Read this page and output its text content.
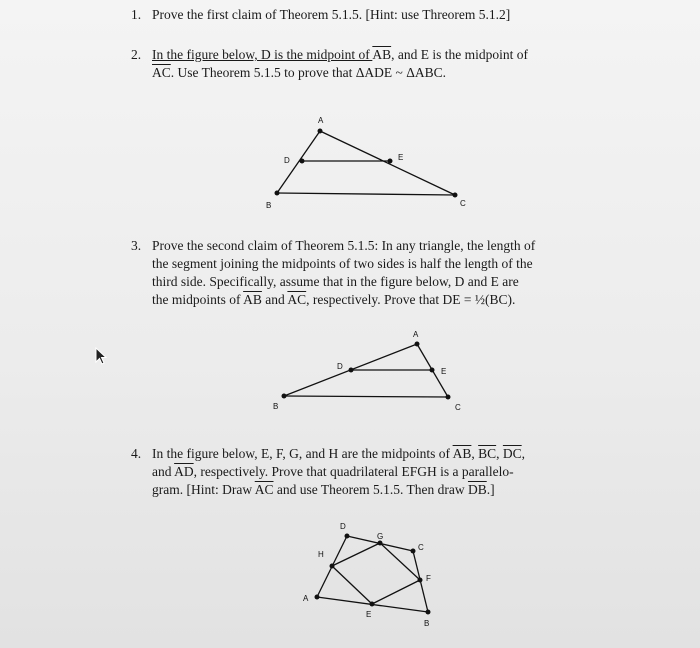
1. Prove the first claim of Theorem 5.1.5. [Hint: use Threorem 5.1.2]
2. In the figure below, D is the midpoint of $\overline{AB}$, and E is the midpoint of
$\overline{AC}$. Use Theorem 5.1.5 to prove that ΔADE ~ ΔABC.
A
B	C
D	E
3. Prove the second claim of Theorem 5.1.5: In any triangle, the length of
the segment joining the midpoints of two sides is half the length of the
third side. Specifically, assume that in the figure below, D and E are
the midpoints of $\overline{AB}$ and $\overline{AC}$, respectively. Prove that DE = ½(BC).
A
B	C
D
E
4. In the figure below, E, F, G, and H are the midpoints of $\overline{AB}$, $\overline{BC}$, $\overline{DC}$,
and $\overline{AD}$, respectively. Prove that quadrilateral EFGH is a parallelo-
gram. [Hint: Draw $\overline{AC}$ and use Theorem 5.1.5. Then draw $\overline{DB}$.]
A
B
C
D
E
F
G
H
